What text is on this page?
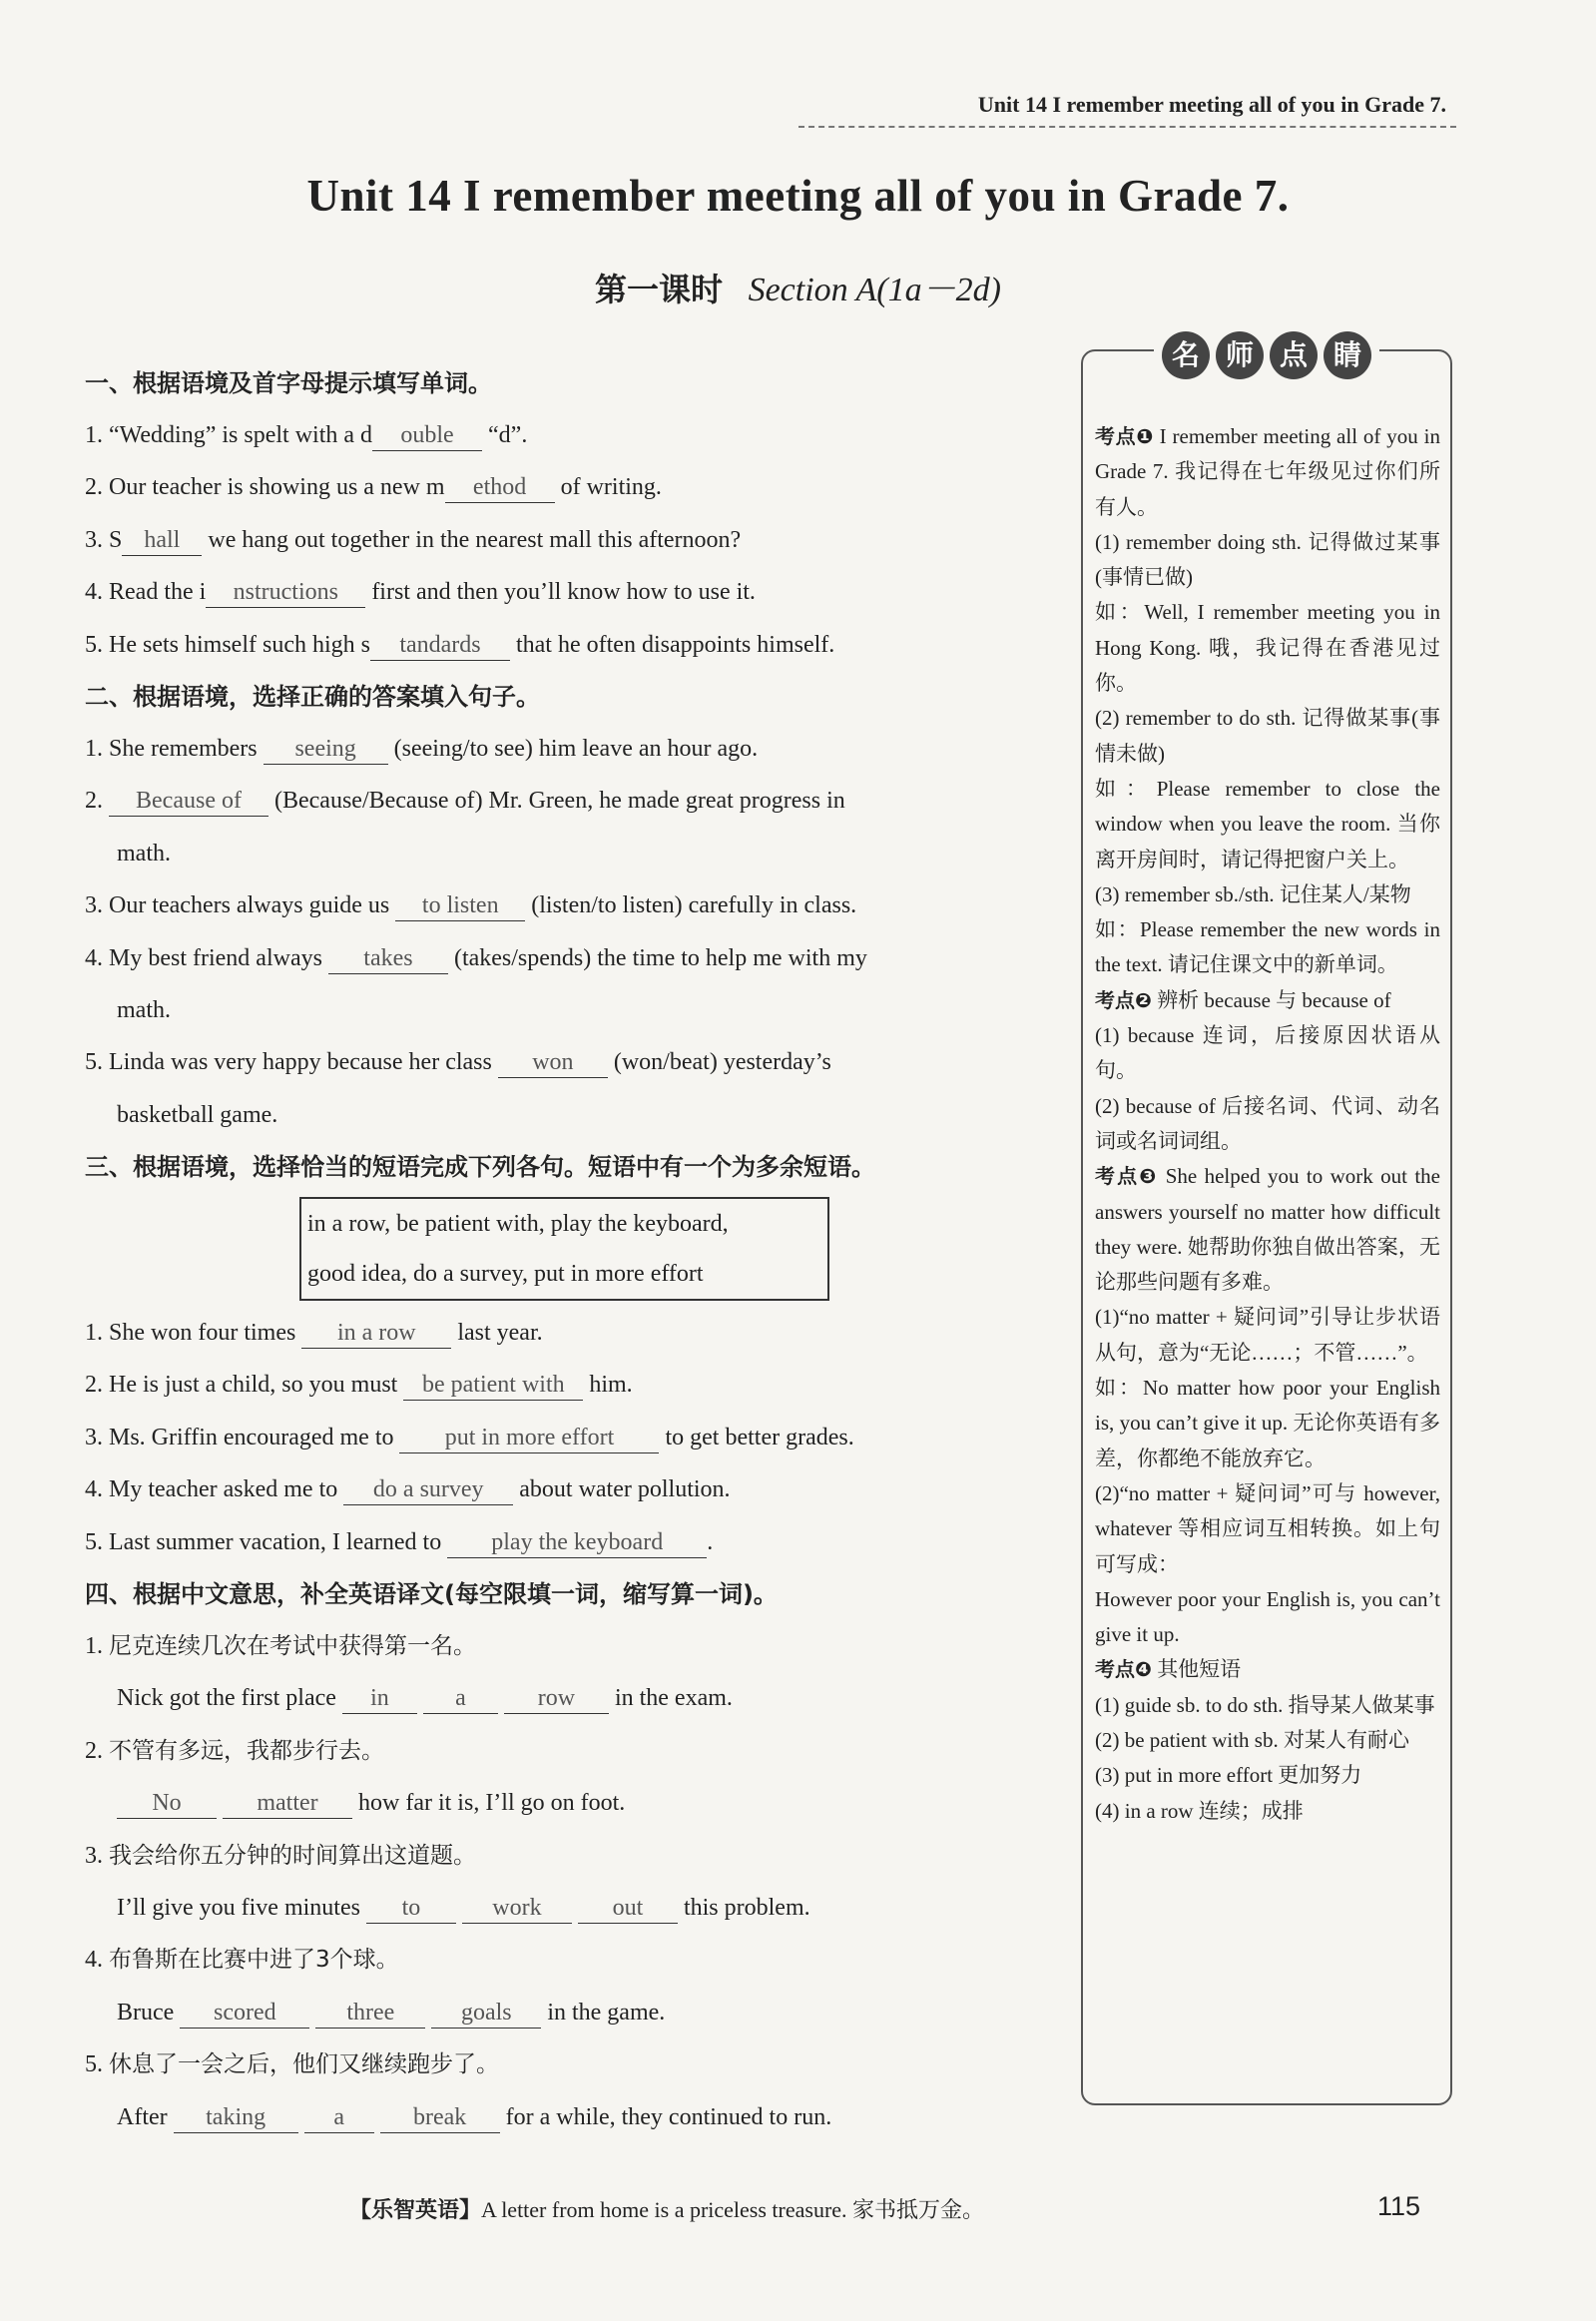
Unit 14 I remember meeting all of you in Grade 7.
Unit 14 I remember meeting all of you in Grade 7.
第一课时 Section A(1a－2d)
一、根据语境及首字母提示填写单词。
1. “Wedding” is spelt with a d ouble “d”.
2. Our teacher is showing us a new m ethod of writing.
3. S hall we hang out together in the nearest mall this afternoon?
4. Read the i nstructions first and then you’ll know how to use it.
5. He sets himself such high s tandards that he often disappoints himself.
二、根据语境，选择正确的答案填入句子。
1. She remembers seeing (seeing/to see) him leave an hour ago.
2. Because of (Because/Because of) Mr. Green, he made great progress in
math.
3. Our teachers always guide us to listen (listen/to listen) carefully in class.
4. My best friend always takes (takes/spends) the time to help me with my
math.
5. Linda was very happy because her class won (won/beat) yesterday’s
basketball game.
三、根据语境，选择恰当的短语完成下列各句。短语中有一个为多余短语。
in a row, be patient with, play the keyboard,
good idea, do a survey, put in more effort
1. She won four times in a row last year.
2. He is just a child, so you must be patient with him.
3. Ms. Griffin encouraged me to put in more effort to get better grades.
4. My teacher asked me to do a survey about water pollution.
5. Last summer vacation, I learned to play the keyboard .
四、根据中文意思，补全英语译文(每空限填一词，缩写算一词)。
1. 尼克连续几次在考试中获得第一名。
Nick got the first place in	a	row in the exam.
2. 不管有多远，我都步行去。
No	matter how far it is, I’ll go on foot.
3. 我会给你五分钟的时间算出这道题。
I’ll give you five minutes to	work	out this problem.
4. 布鲁斯在比赛中进了3个球。
Bruce scored	three	goals in the game.
5. 休息了一会之后，他们又继续跑步了。
After taking	a	break for a while, they continued to run.
名 师 点 睛

考点❶ I remember meeting all of you in Grade 7. 我记得在七年级见过你们所有人。

(1) remember doing sth. 记得做过某事(事情已做)

如：Well, I remember meeting you in Hong Kong. 哦，我记得在香港见过你。

(2) remember to do sth. 记得做某事(事情未做)

如：Please remember to close the window when you leave the room. 当你离开房间时，请记得把窗户关上。

(3) remember sb./sth. 记住某人/某物

如：Please remember the new words in the text. 请记住课文中的新单词。

考点❷ 辨析 because 与 because of

(1) because 连词，后接原因状语从句。

(2) because of 后接名词、代词、动名词或名词词组。

考点❸ She helped you to work out the answers yourself no matter how difficult they were. 她帮助你独自做出答案，无论那些问题有多难。

(1)“no matter + 疑问词”引导让步状语从句，意为“无论……；不管……”。

如：No matter how poor your English is, you can’t give it up. 无论你英语有多差，你都绝不能放弃它。

(2)“no matter + 疑问词”可与 however, whatever 等相应词互相转换。如上句可写成：

However poor your English is, you can’t give it up.

考点❹ 其他短语

(1) guide sb. to do sth. 指导某人做某事

(2) be patient with sb. 对某人有耐心

(3) put in more effort 更加努力

(4) in a row 连续；成排

【乐智英语】A letter from home is a priceless treasure. 家书抵万金。	115
